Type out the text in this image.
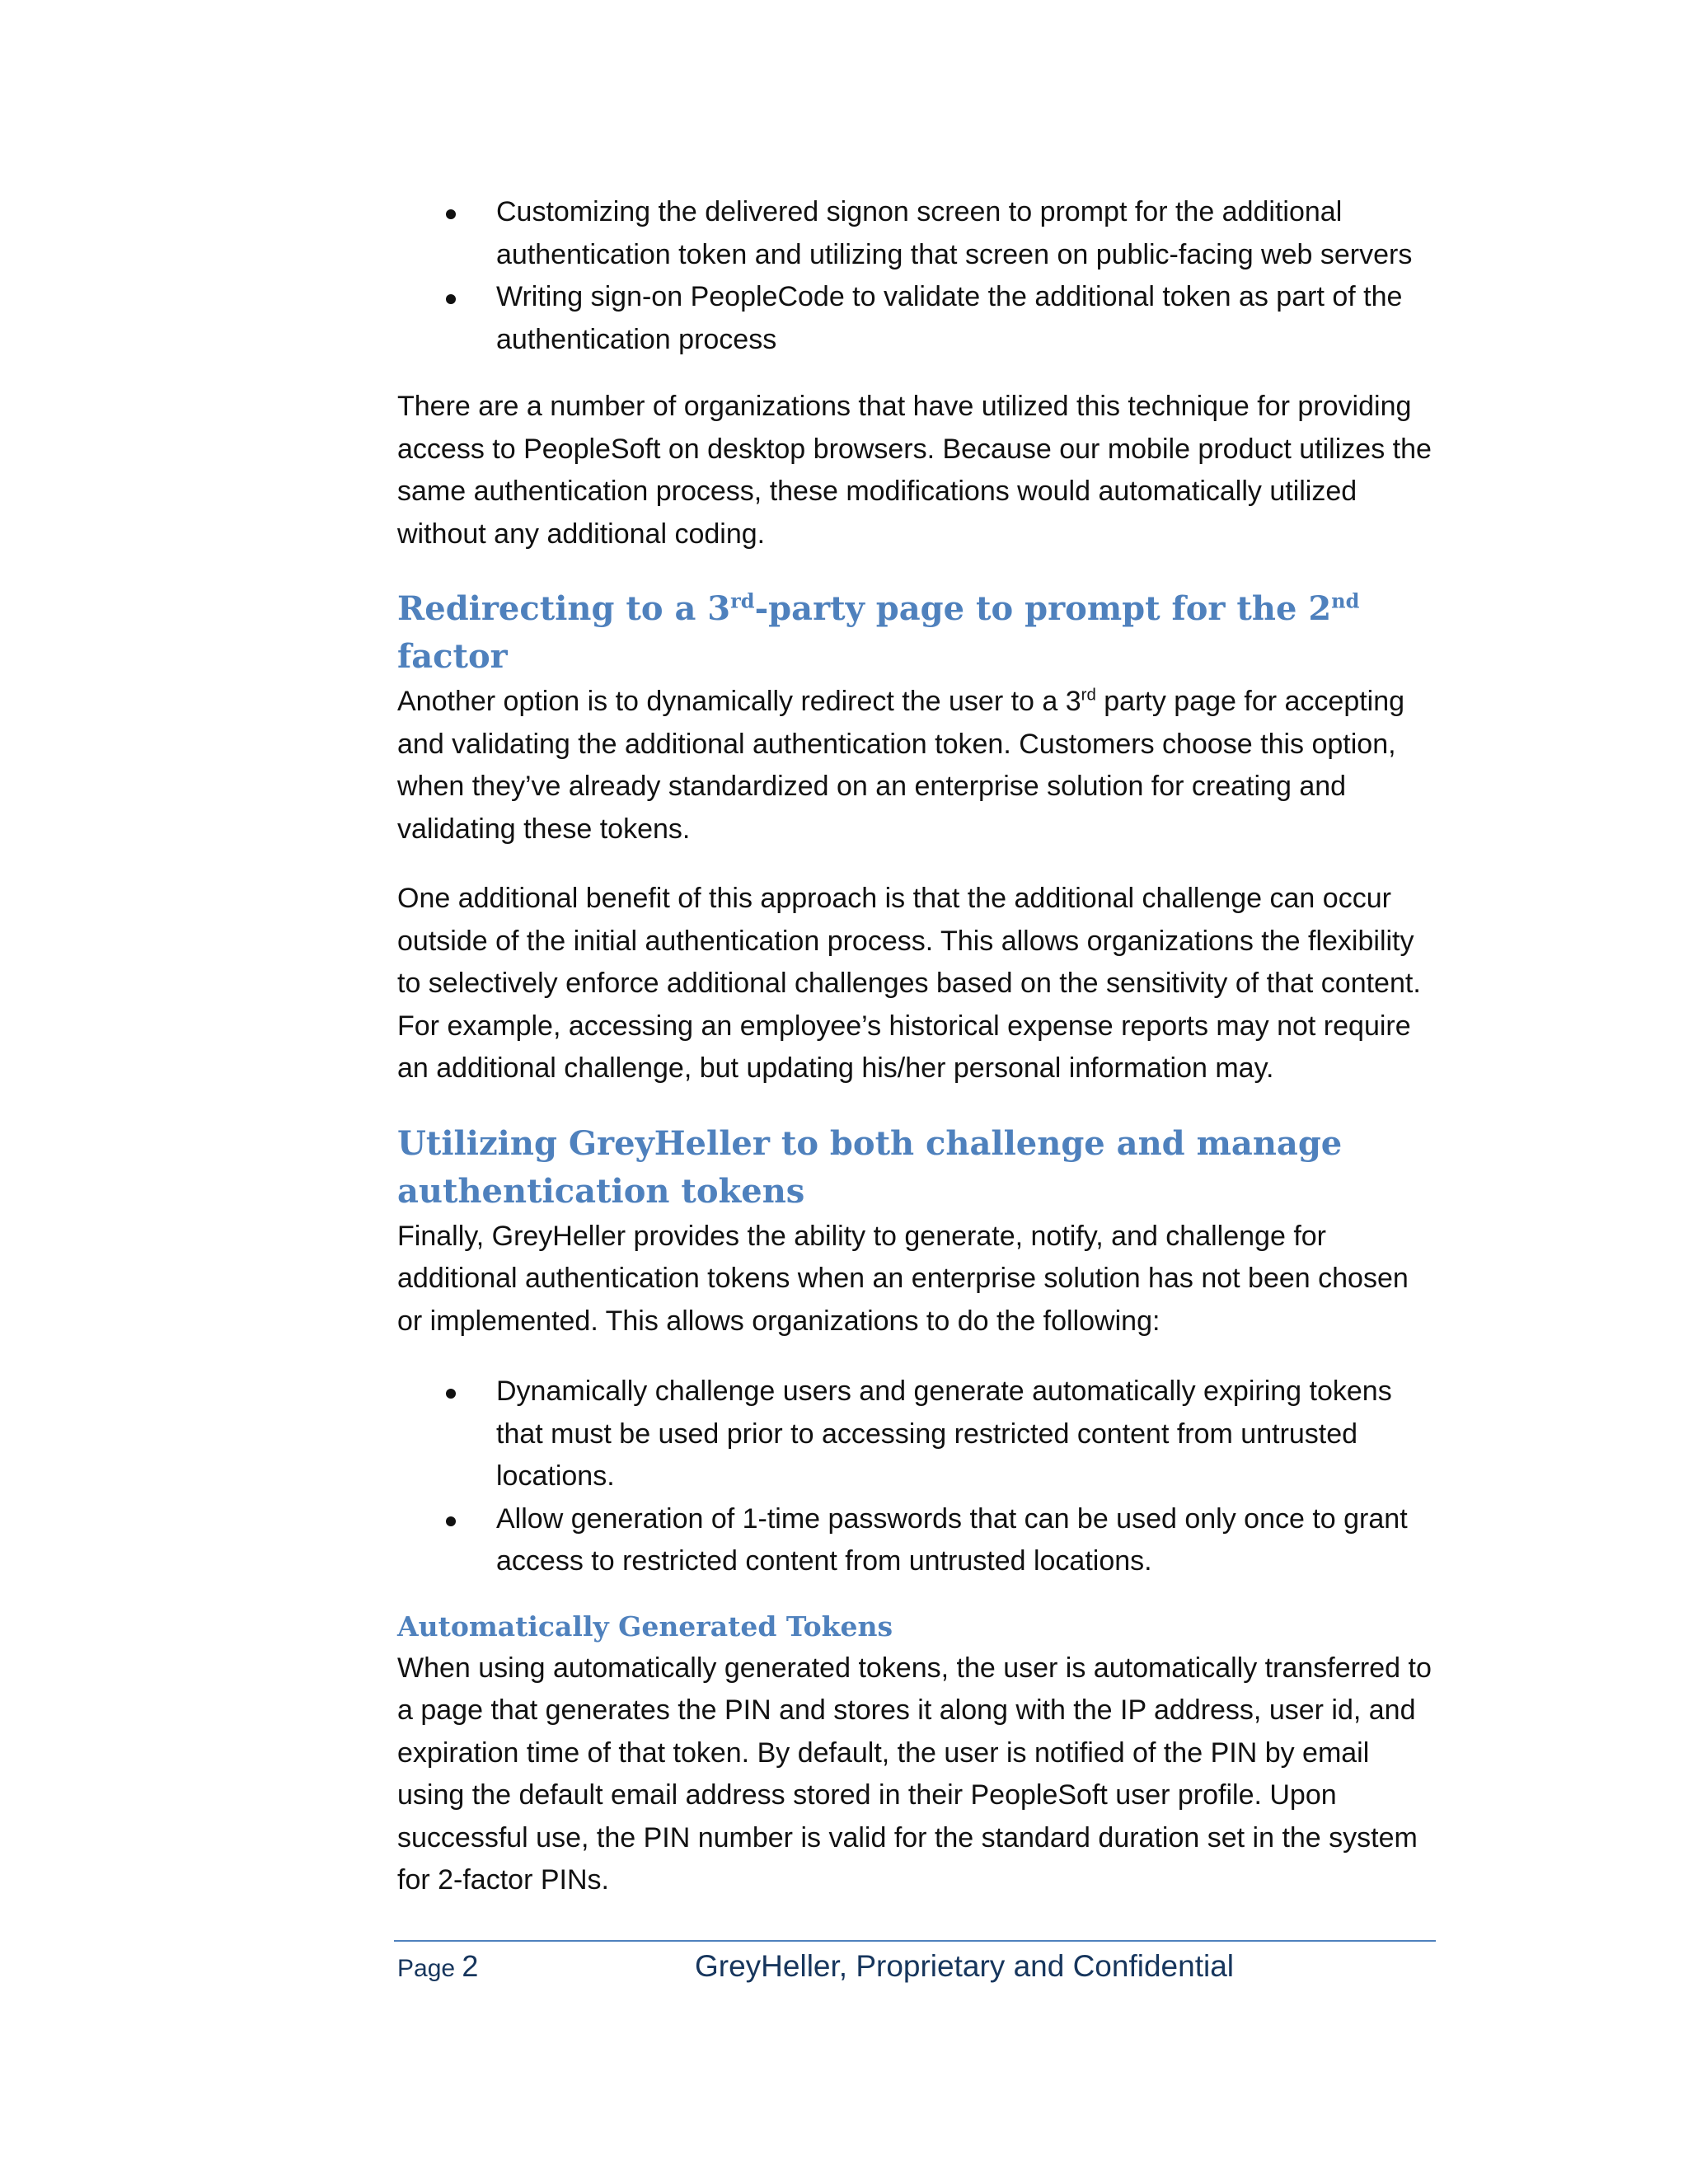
Customizing the delivered signon screen to prompt for the additional authentication token and utilizing that screen on public-facing web servers
Writing sign-on PeopleCode to validate the additional token as part of the authentication process

There are a number of organizations that have utilized this technique for providing access to PeopleSoft on desktop browsers. Because our mobile product utilizes the same authentication process, these modifications would automatically utilized without any additional coding.

Redirecting to a 3rd-party page to prompt for the 2nd factor

Another option is to dynamically redirect the user to a 3rd party page for accepting and validating the additional authentication token. Customers choose this option, when they’ve already standardized on an enterprise solution for creating and validating these tokens.

One additional benefit of this approach is that the additional challenge can occur outside of the initial authentication process. This allows organizations the flexibility to selectively enforce additional challenges based on the sensitivity of that content. For example, accessing an employee’s historical expense reports may not require an additional challenge, but updating his/her personal information may.

Utilizing GreyHeller to both challenge and manage
authentication tokens

Finally, GreyHeller provides the ability to generate, notify, and challenge for additional authentication tokens when an enterprise solution has not been chosen or implemented. This allows organizations to do the following:

Dynamically challenge users and generate automatically expiring tokens that must be used prior to accessing restricted content from untrusted locations.
Allow generation of 1-time passwords that can be used only once to grant access to restricted content from untrusted locations.
Automatically Generated Tokens

When using automatically generated tokens, the user is automatically transferred to a page that generates the PIN and stores it along with the IP address, user id, and expiration time of that token. By default, the user is notified of the PIN by email using the default email address stored in their PeopleSoft user profile. Upon successful use, the PIN number is valid for the standard duration set in the system for 2-factor PINs.

Page 2	GreyHeller, Proprietary and Confidential
